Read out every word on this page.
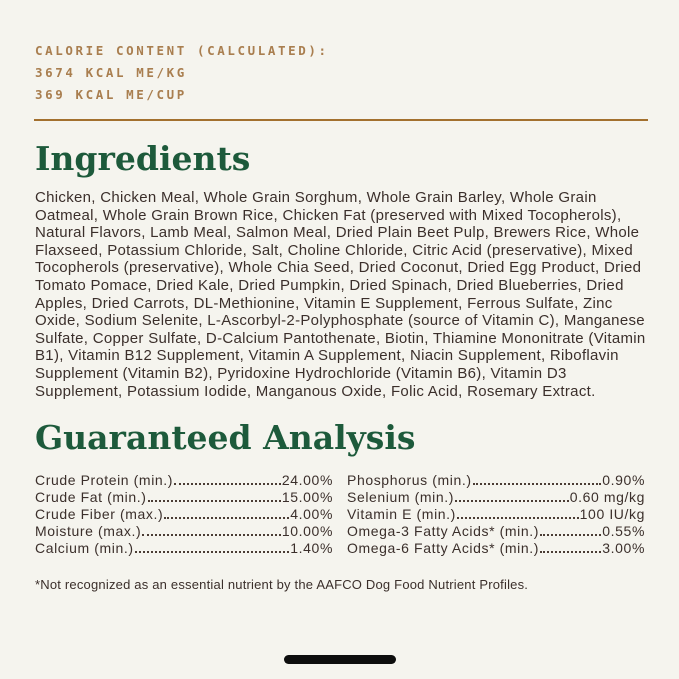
CALORIE CONTENT (CALCULATED):
3674 KCAL ME/KG
369 KCAL ME/CUP
Ingredients

Chicken, Chicken Meal, Whole Grain Sorghum, Whole Grain Barley, Whole Grain Oatmeal, Whole Grain Brown Rice, Chicken Fat (preserved with Mixed Tocopherols), Natural Flavors, Lamb Meal, Salmon Meal, Dried Plain Beet Pulp, Brewers Rice, Whole Flaxseed, Potassium Chloride, Salt, Choline Chloride, Citric Acid (preservative), Mixed Tocopherols (preservative), Whole Chia Seed, Dried Coconut, Dried Egg Product, Dried Tomato Pomace, Dried Kale, Dried Pumpkin, Dried Spinach, Dried Blueberries, Dried Apples, Dried Carrots, DL-Methionine, Vitamin E Supplement, Ferrous Sulfate, Zinc Oxide, Sodium Selenite, L-Ascorbyl-2-Polyphosphate (source of Vitamin C), Manganese Sulfate, Copper Sulfate, D-Calcium Pantothenate, Biotin, Thiamine Mononitrate (Vitamin B1), Vitamin B12 Supplement, Vitamin A Supplement, Niacin Supplement, Riboflavin Supplement (Vitamin B2), Pyridoxine Hydrochloride (Vitamin B6), Vitamin D3 Supplement, Potassium Iodide, Manganous Oxide, Folic Acid, Rosemary Extract.

Guaranteed Analysis
Crude Protein (min.)	24.00%
Crude Fat (min.)	15.00%
Crude Fiber (max.)	4.00%
Moisture (max.)	10.00%
Calcium (min.)	1.40%
Phosphorus (min.)	0.90%
Selenium (min.)	0.60 mg/kg
Vitamin E (min.)	100 IU/kg
Omega-3 Fatty Acids* (min.)	0.55%
Omega-6 Fatty Acids* (min.)	3.00%

*Not recognized as an essential nutrient by the AAFCO Dog Food Nutrient Profiles.
